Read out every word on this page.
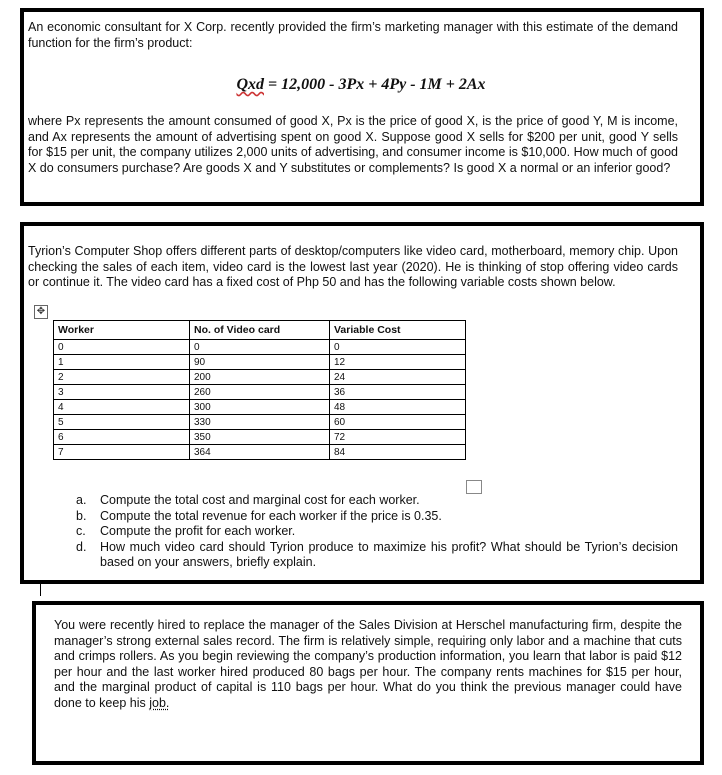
An economic consultant for X Corp. recently provided the firm’s marketing manager with this estimate of the demand function for the firm’s product:

Qxd = 12,000 - 3Px + 4Py - 1M + 2Ax

where Px represents the amount consumed of good X, Px is the price of good X, is the price of good Y, M is income, and Ax represents the amount of advertising spent on good X. Suppose good X sells for $200 per unit, good Y sells for $15 per unit, the company utilizes 2,000 units of advertising, and consumer income is $10,000. How much of good X do consumers purchase? Are goods X and Y substitutes or complements? Is good X a normal or an inferior good?

Tyrion’s Computer Shop offers different parts of desktop/computers like video card, motherboard, memory chip. Upon checking the sales of each item, video card is the lowest last year (2020). He is thinking of stop offering video cards or continue it. The video card has a fixed cost of Php 50 and has the following variable costs shown below.

✥
Worker	No. of Video card	Variable Cost
0	0	0
1	90	12
2	200	24
3	260	36
4	300	48
5	330	60
6	350	72
7	364	84
a. Compute the total cost and marginal cost for each worker.
b. Compute the total revenue for each worker if the price is 0.35.
c. Compute the profit for each worker.
d. How much video card should Tyrion produce to maximize his profit? What should be Tyrion’s decision based on your answers, briefly explain.

You were recently hired to replace the manager of the Sales Division at Herschel manufacturing firm, despite the manager’s strong external sales record. The firm is relatively simple, requiring only labor and a machine that cuts and crimps rollers. As you begin reviewing the company’s production information, you learn that labor is paid $12 per hour and the last worker hired produced 80 bags per hour. The company rents machines for $15 per hour, and the marginal product of capital is 110 bags per hour. What do you think the previous manager could have done to keep his job.
